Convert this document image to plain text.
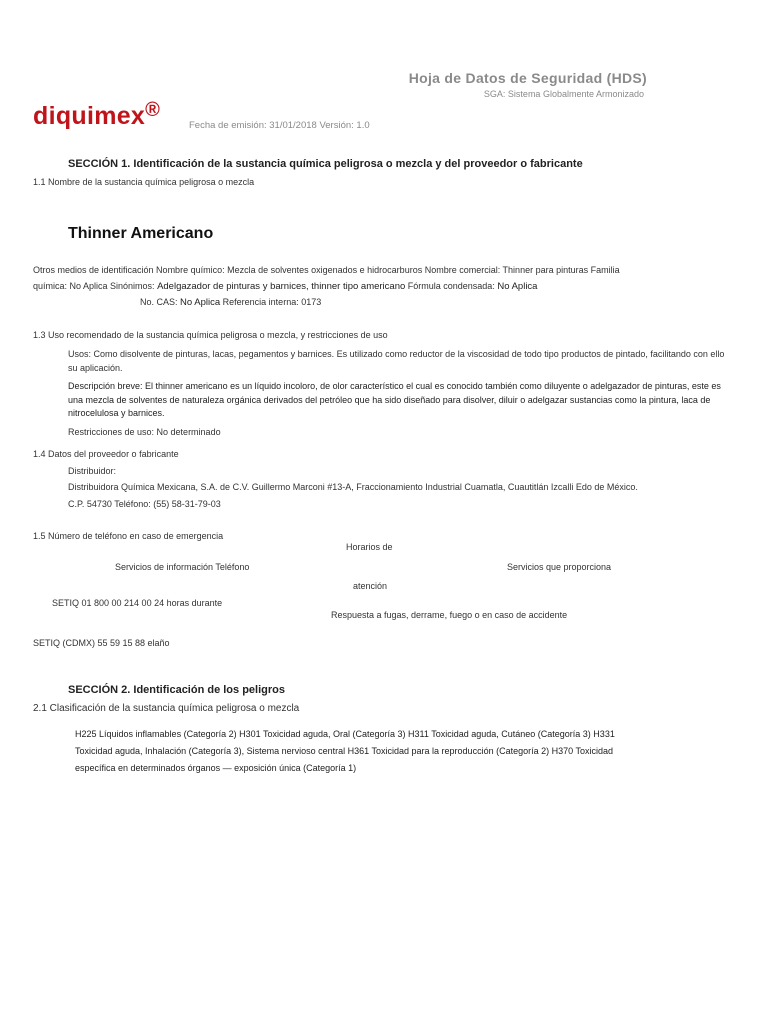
Hoja de Datos de Seguridad (HDS)
SGA: Sistema Globalmente Armonizado
diquimex®
Fecha de emisión: 31/01/2018 Versión: 1.0
SECCIÓN 1. Identificación de la sustancia química peligrosa o mezcla y del proveedor o fabricante
1.1 Nombre de la sustancia química peligrosa o mezcla
Thinner Americano
Otros medios de identificación Nombre químico: Mezcla de solventes oxigenados e hidrocarburos Nombre comercial: Thinner para pinturas Familia
química: No Aplica Sinónimos: Adelgazador de pinturas y barnices, thinner tipo americano Fórmula condensada: No Aplica
No. CAS: No Aplica Referencia interna: 0173
1.3 Uso recomendado de la sustancia química peligrosa o mezcla, y restricciones de uso
Usos: Como disolvente de pinturas, lacas, pegamentos y barnices. Es utilizado como reductor de la viscosidad de todo tipo productos de pintado, facilitando con ello su aplicación.
Descripción breve: El thinner americano es un líquido incoloro, de olor característico el cual es conocido también como diluyente o adelgazador de pinturas, este es una mezcla de solventes de naturaleza orgánica derivados del petróleo que ha sido diseñado para disolver, diluir o adelgazar sustancias como la pintura, laca de nitrocelulosa y barnices.
Restricciones de uso: No determinado
1.4 Datos del proveedor o fabricante
Distribuidor:
Distribuidora Química Mexicana, S.A. de C.V. Guillermo Marconi #13-A, Fraccionamiento Industrial Cuamatla, Cuautitlán Izcalli Edo de México.
C.P. 54730 Teléfono: (55) 58-31-79-03
1.5 Número de teléfono en caso de emergencia
Horarios de
Servicios de información Teléfono	Servicios que proporciona
atención
SETIQ 01 800 00 214 00 24 horas durante
Respuesta a fugas, derrame, fuego o en caso de accidente
SETIQ (CDMX) 55 59 15 88 elaño
SECCIÓN 2. Identificación de los peligros
2.1 Clasificación de la sustancia química peligrosa o mezcla
H225 Líquidos inflamables (Categoría 2) H301 Toxicidad aguda, Oral (Categoría 3) H311 Toxicidad aguda, Cutáneo (Categoría 3) H331
Toxicidad aguda, Inhalación (Categoría 3), Sistema nervioso central H361 Toxicidad para la reproducción (Categoría 2) H370 Toxicidad
específica en determinados órganos — exposición única (Categoría 1)
